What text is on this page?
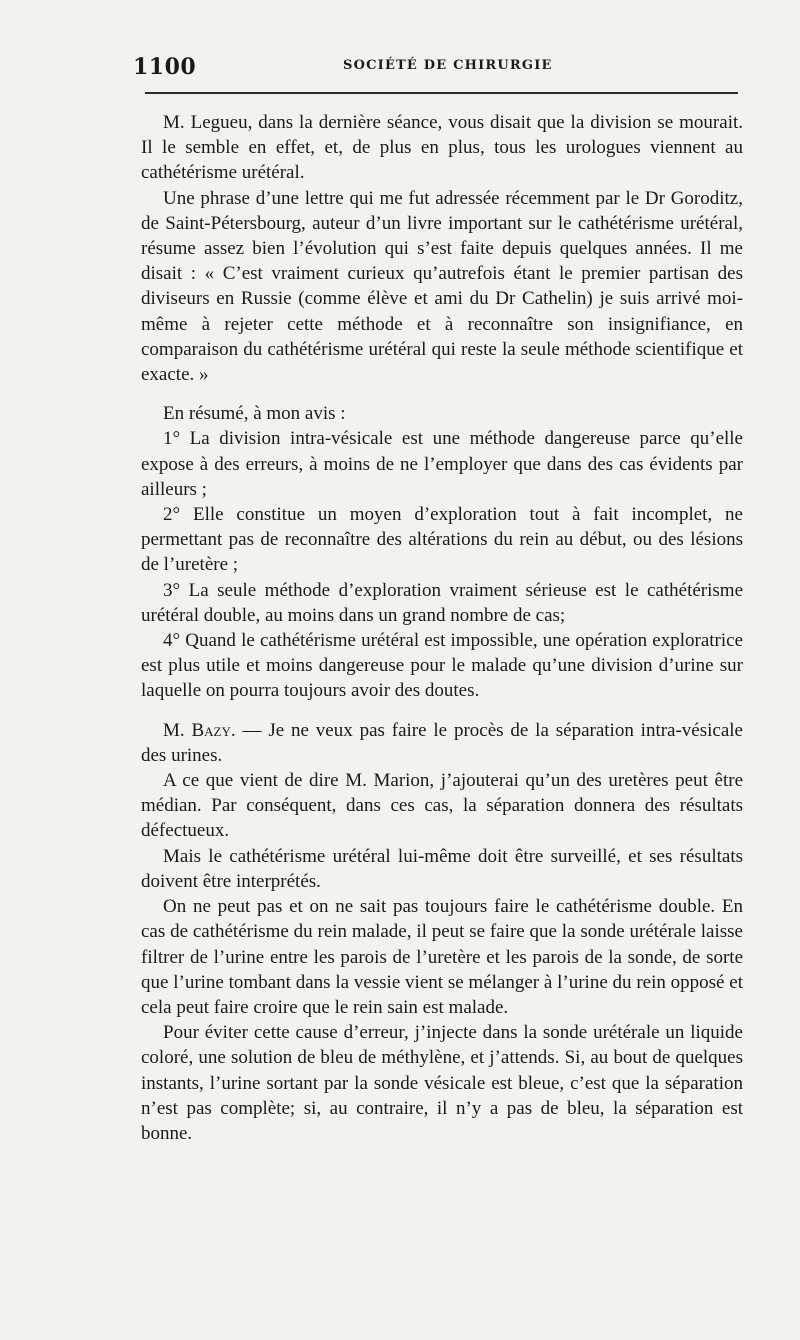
1100	SOCIÉTÉ DE CHIRURGIE

M. Legueu, dans la dernière séance, vous disait que la division se mourait. Il le semble en effet, et, de plus en plus, tous les urologues viennent au cathétérisme urétéral.

Une phrase d’une lettre qui me fut adressée récemment par le Dr Goroditz, de Saint-Pétersbourg, auteur d’un livre important sur le cathétérisme urétéral, résume assez bien l’évolution qui s’est faite depuis quelques années. Il me disait : « C’est vraiment curieux qu’autrefois étant le premier partisan des diviseurs en Russie (comme élève et ami du Dr Cathelin) je suis arrivé moi-même à rejeter cette méthode et à reconnaître son insignifiance, en comparaison du cathétérisme urétéral qui reste la seule méthode scientifique et exacte. »

En résumé, à mon avis :

1° La division intra-vésicale est une méthode dangereuse parce qu’elle expose à des erreurs, à moins de ne l’employer que dans des cas évidents par ailleurs ;

2° Elle constitue un moyen d’exploration tout à fait incomplet, ne permettant pas de reconnaître des altérations du rein au début, ou des lésions de l’uretère ;

3° La seule méthode d’exploration vraiment sérieuse est le cathétérisme urétéral double, au moins dans un grand nombre de cas;

4° Quand le cathétérisme urétéral est impossible, une opération exploratrice est plus utile et moins dangereuse pour le malade qu’une division d’urine sur laquelle on pourra toujours avoir des doutes.

M. Bazy. — Je ne veux pas faire le procès de la séparation intra-vésicale des urines.

A ce que vient de dire M. Marion, j’ajouterai qu’un des uretères peut être médian. Par conséquent, dans ces cas, la séparation donnera des résultats défectueux.

Mais le cathétérisme urétéral lui-même doit être surveillé, et ses résultats doivent être interprétés.

On ne peut pas et on ne sait pas toujours faire le cathétérisme double. En cas de cathétérisme du rein malade, il peut se faire que la sonde urétérale laisse filtrer de l’urine entre les parois de l’uretère et les parois de la sonde, de sorte que l’urine tombant dans la vessie vient se mélanger à l’urine du rein opposé et cela peut faire croire que le rein sain est malade.

Pour éviter cette cause d’erreur, j’injecte dans la sonde urétérale un liquide coloré, une solution de bleu de méthylène, et j’attends. Si, au bout de quelques instants, l’urine sortant par la sonde vésicale est bleue, c’est que la séparation n’est pas complète; si, au contraire, il n’y a pas de bleu, la séparation est bonne.
